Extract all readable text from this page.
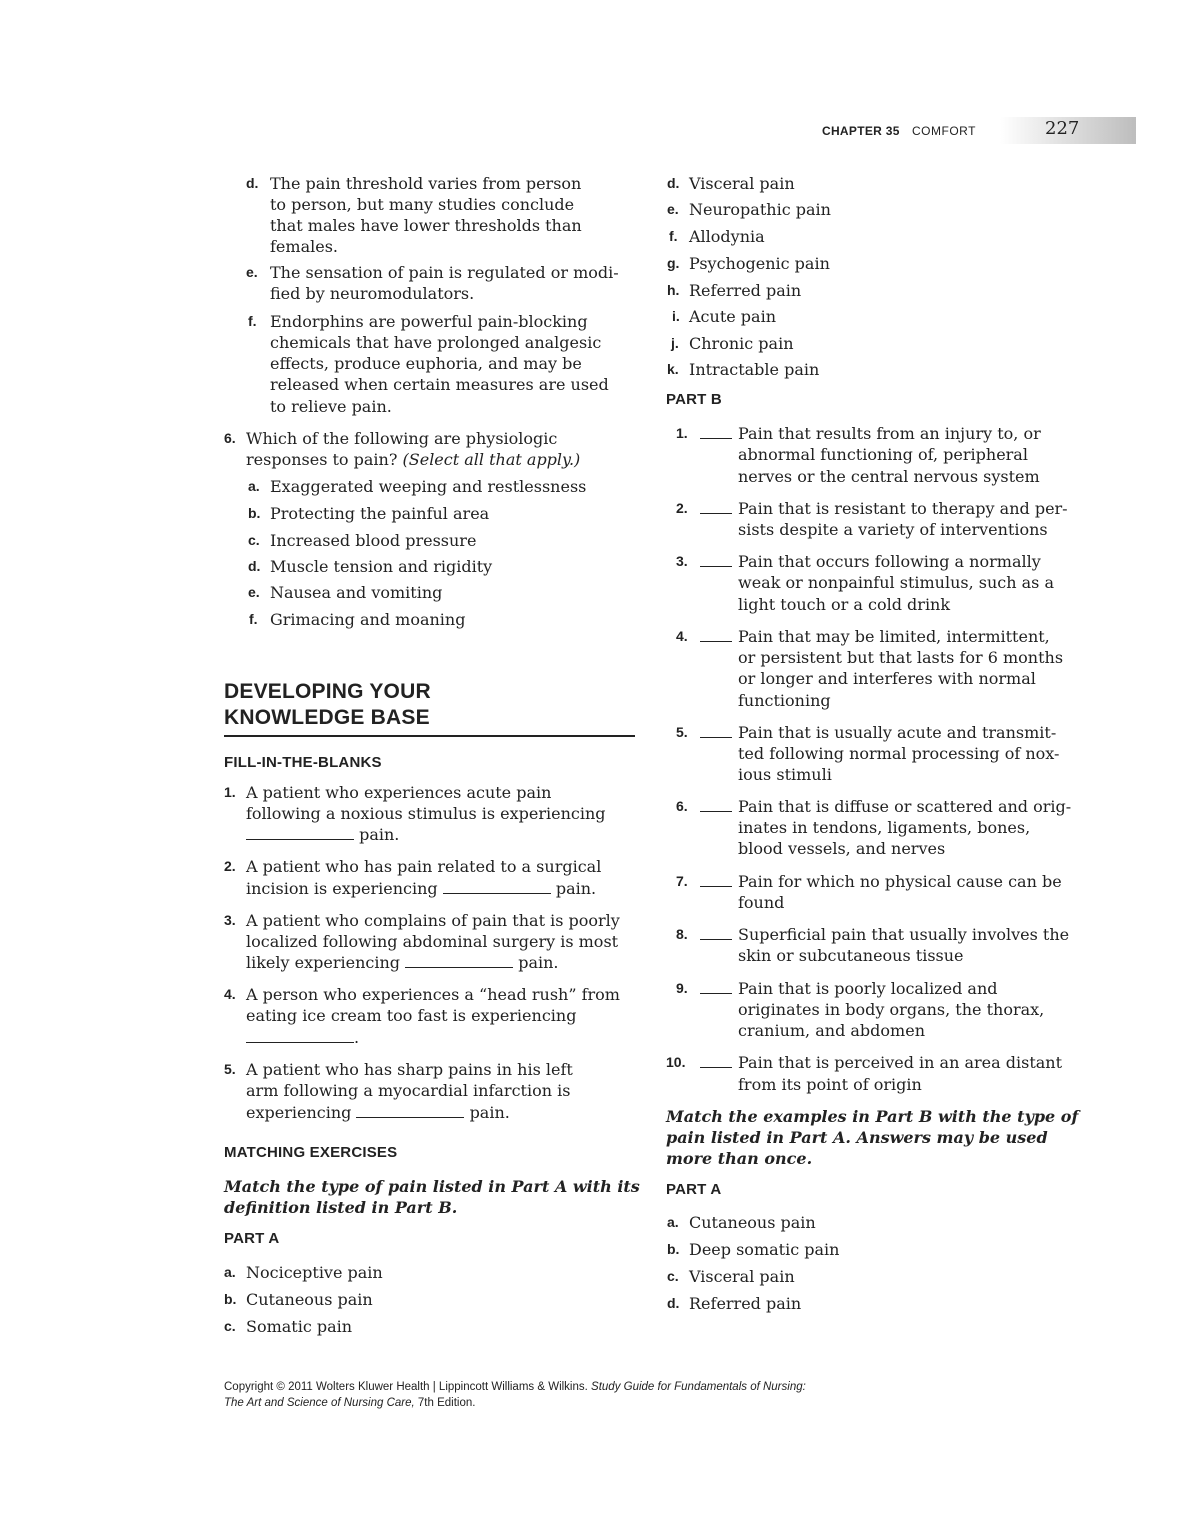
CHAPTER 35 COMFORT	227
d. The pain threshold varies from person
to person, but many studies conclude
that males have lower thresholds than
females.
e. The sensation of pain is regulated or modi-
fied by neuromodulators.
f. Endorphins are powerful pain-blocking
chemicals that have prolonged analgesic
effects, produce euphoria, and may be
released when certain measures are used
to relieve pain.
6. Which of the following are physiologic
responses to pain? (Select all that apply.)
a. Exaggerated weeping and restlessness
b. Protecting the painful area
c. Increased blood pressure
d. Muscle tension and rigidity
e. Nausea and vomiting
f. Grimacing and moaning
DEVELOPING YOUR
KNOWLEDGE BASE
FILL-IN-THE-BLANKS
1. A patient who experiences acute pain
following a noxious stimulus is experiencing
pain.
2. A patient who has pain related to a surgical
incision is experiencing	pain.
3. A patient who complains of pain that is poorly
localized following abdominal surgery is most
likely experiencing	pain.
4. A person who experiences a “head rush” from
eating ice cream too fast is experiencing
.
5. A patient who has sharp pains in his left
arm following a myocardial infarction is
experiencing	pain.
MATCHING EXERCISES
Match the type of pain listed in Part A with its
definition listed in Part B.
PART A
a. Nociceptive pain
b. Cutaneous pain
c. Somatic pain
d. Visceral pain
e. Neuropathic pain
f. Allodynia
g. Psychogenic pain
h. Referred pain
i. Acute pain
j. Chronic pain
k. Intractable pain
PART B
1.	Pain that results from an injury to, or
abnormal functioning of, peripheral
nerves or the central nervous system
2.	Pain that is resistant to therapy and per-
sists despite a variety of interventions
3.	Pain that occurs following a normally
weak or nonpainful stimulus, such as a
light touch or a cold drink
4.	Pain that may be limited, intermittent,
or persistent but that lasts for 6 months
or longer and interferes with normal
functioning
5.	Pain that is usually acute and transmit-
ted following normal processing of nox-
ious stimuli
6.	Pain that is diffuse or scattered and orig-
inates in tendons, ligaments, bones,
blood vessels, and nerves
7.	Pain for which no physical cause can be
found
8.	Superficial pain that usually involves the
skin or subcutaneous tissue
9.	Pain that is poorly localized and
originates in body organs, the thorax,
cranium, and abdomen
10.	Pain that is perceived in an area distant
from its point of origin
Match the examples in Part B with the type of
pain listed in Part A. Answers may be used
more than once.
PART A
a. Cutaneous pain
b. Deep somatic pain
c. Visceral pain
d. Referred pain
Copyright © 2011 Wolters Kluwer Health | Lippincott Williams & Wilkins. Study Guide for Fundamentals of Nursing:
The Art and Science of Nursing Care, 7th Edition.
